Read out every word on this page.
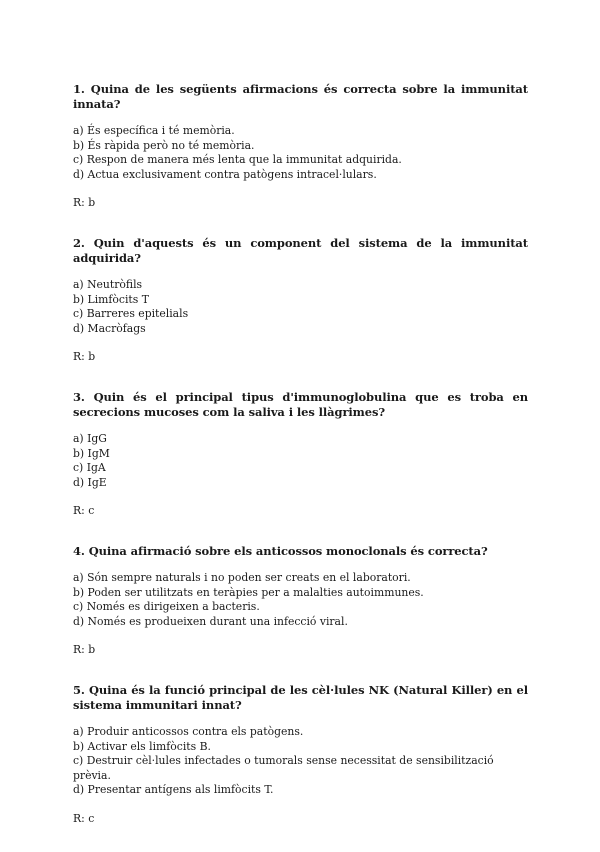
1. Quina de les següents afirmacions és correcta sobre la immunitat innata?

a) És específica i té memòria.
b) És ràpida però no té memòria.
c) Respon de manera més lenta que la immunitat adquirida.
d) Actua exclusivament contra patògens intracel·lulars.

R: b

2. Quin d'aquests és un component del sistema de la immunitat adquirida?

a) Neutròfils
b) Limfòcits T
c) Barreres epitelials
d) Macròfags

R: b

3. Quin és el principal tipus d'immunoglobulina que es troba en secrecions mucoses com la saliva i les llàgrimes?

a) IgG
b) IgM
c) IgA
d) IgE

R: c

4. Quina afirmació sobre els anticossos monoclonals és correcta?

a) Són sempre naturals i no poden ser creats en el laboratori.
b) Poden ser utilitzats en teràpies per a malalties autoimmunes.
c) Només es dirigeixen a bacteris.
d) Només es produeixen durant una infecció viral.

R: b

5. Quina és la funció principal de les cèl·lules NK (Natural Killer) en el sistema immunitari innat?

a) Produir anticossos contra els patògens.
b) Activar els limfòcits B.
c) Destruir cèl·lules infectades o tumorals sense necessitat de sensibilització prèvia.
d) Presentar antígens als limfòcits T.

R: c
